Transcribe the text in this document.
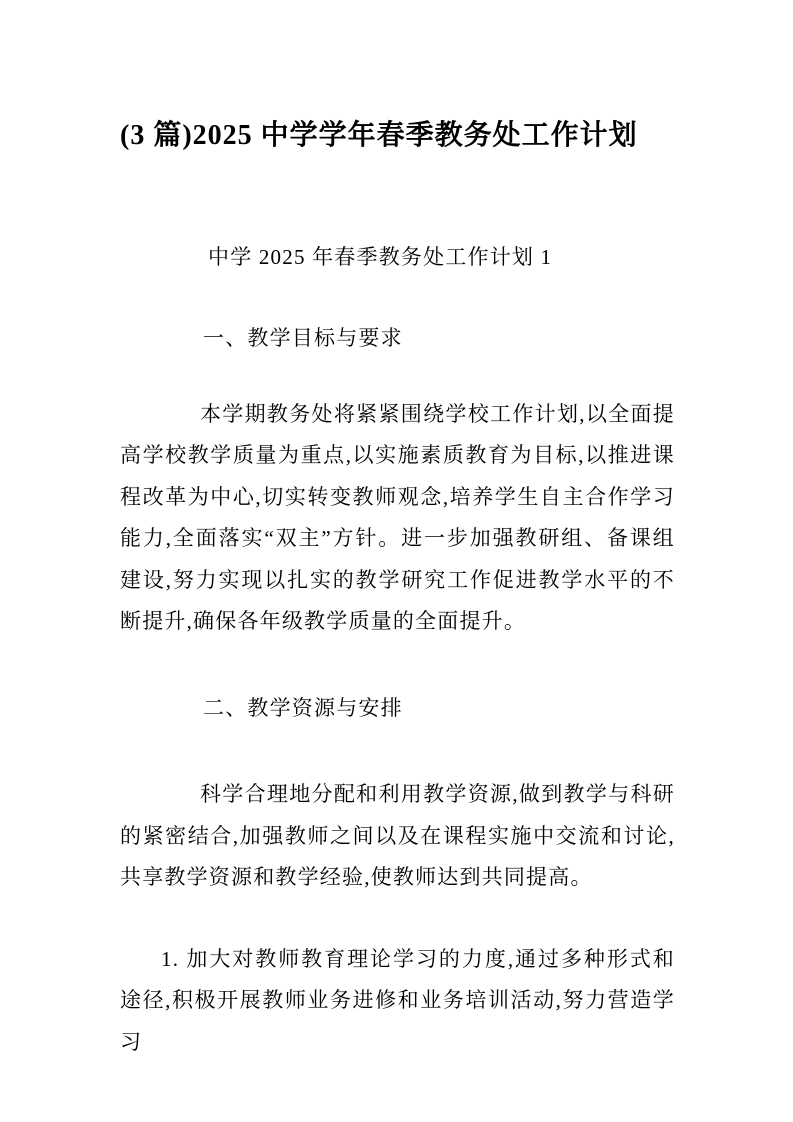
(3 篇)2025 中学学年春季教务处工作计划

中学 2025 年春季教务处工作计划 1

一、教学目标与要求

本学期教务处将紧紧围绕学校工作计划,以全面提高学校教学质量为重点,以实施素质教育为目标,以推进课程改革为中心,切实转变教师观念,培养学生自主合作学习能力,全面落实“双主”方针。进一步加强教研组、备课组建设,努力实现以扎实的教学研究工作促进教学水平的不断提升,确保各年级教学质量的全面提升。

二、教学资源与安排

科学合理地分配和利用教学资源,做到教学与科研的紧密结合,加强教师之间以及在课程实施中交流和讨论,共享教学资源和教学经验,使教师达到共同提高。

1. 加大对教师教育理论学习的力度,通过多种形式和途径,积极开展教师业务进修和业务培训活动,努力营造学习
